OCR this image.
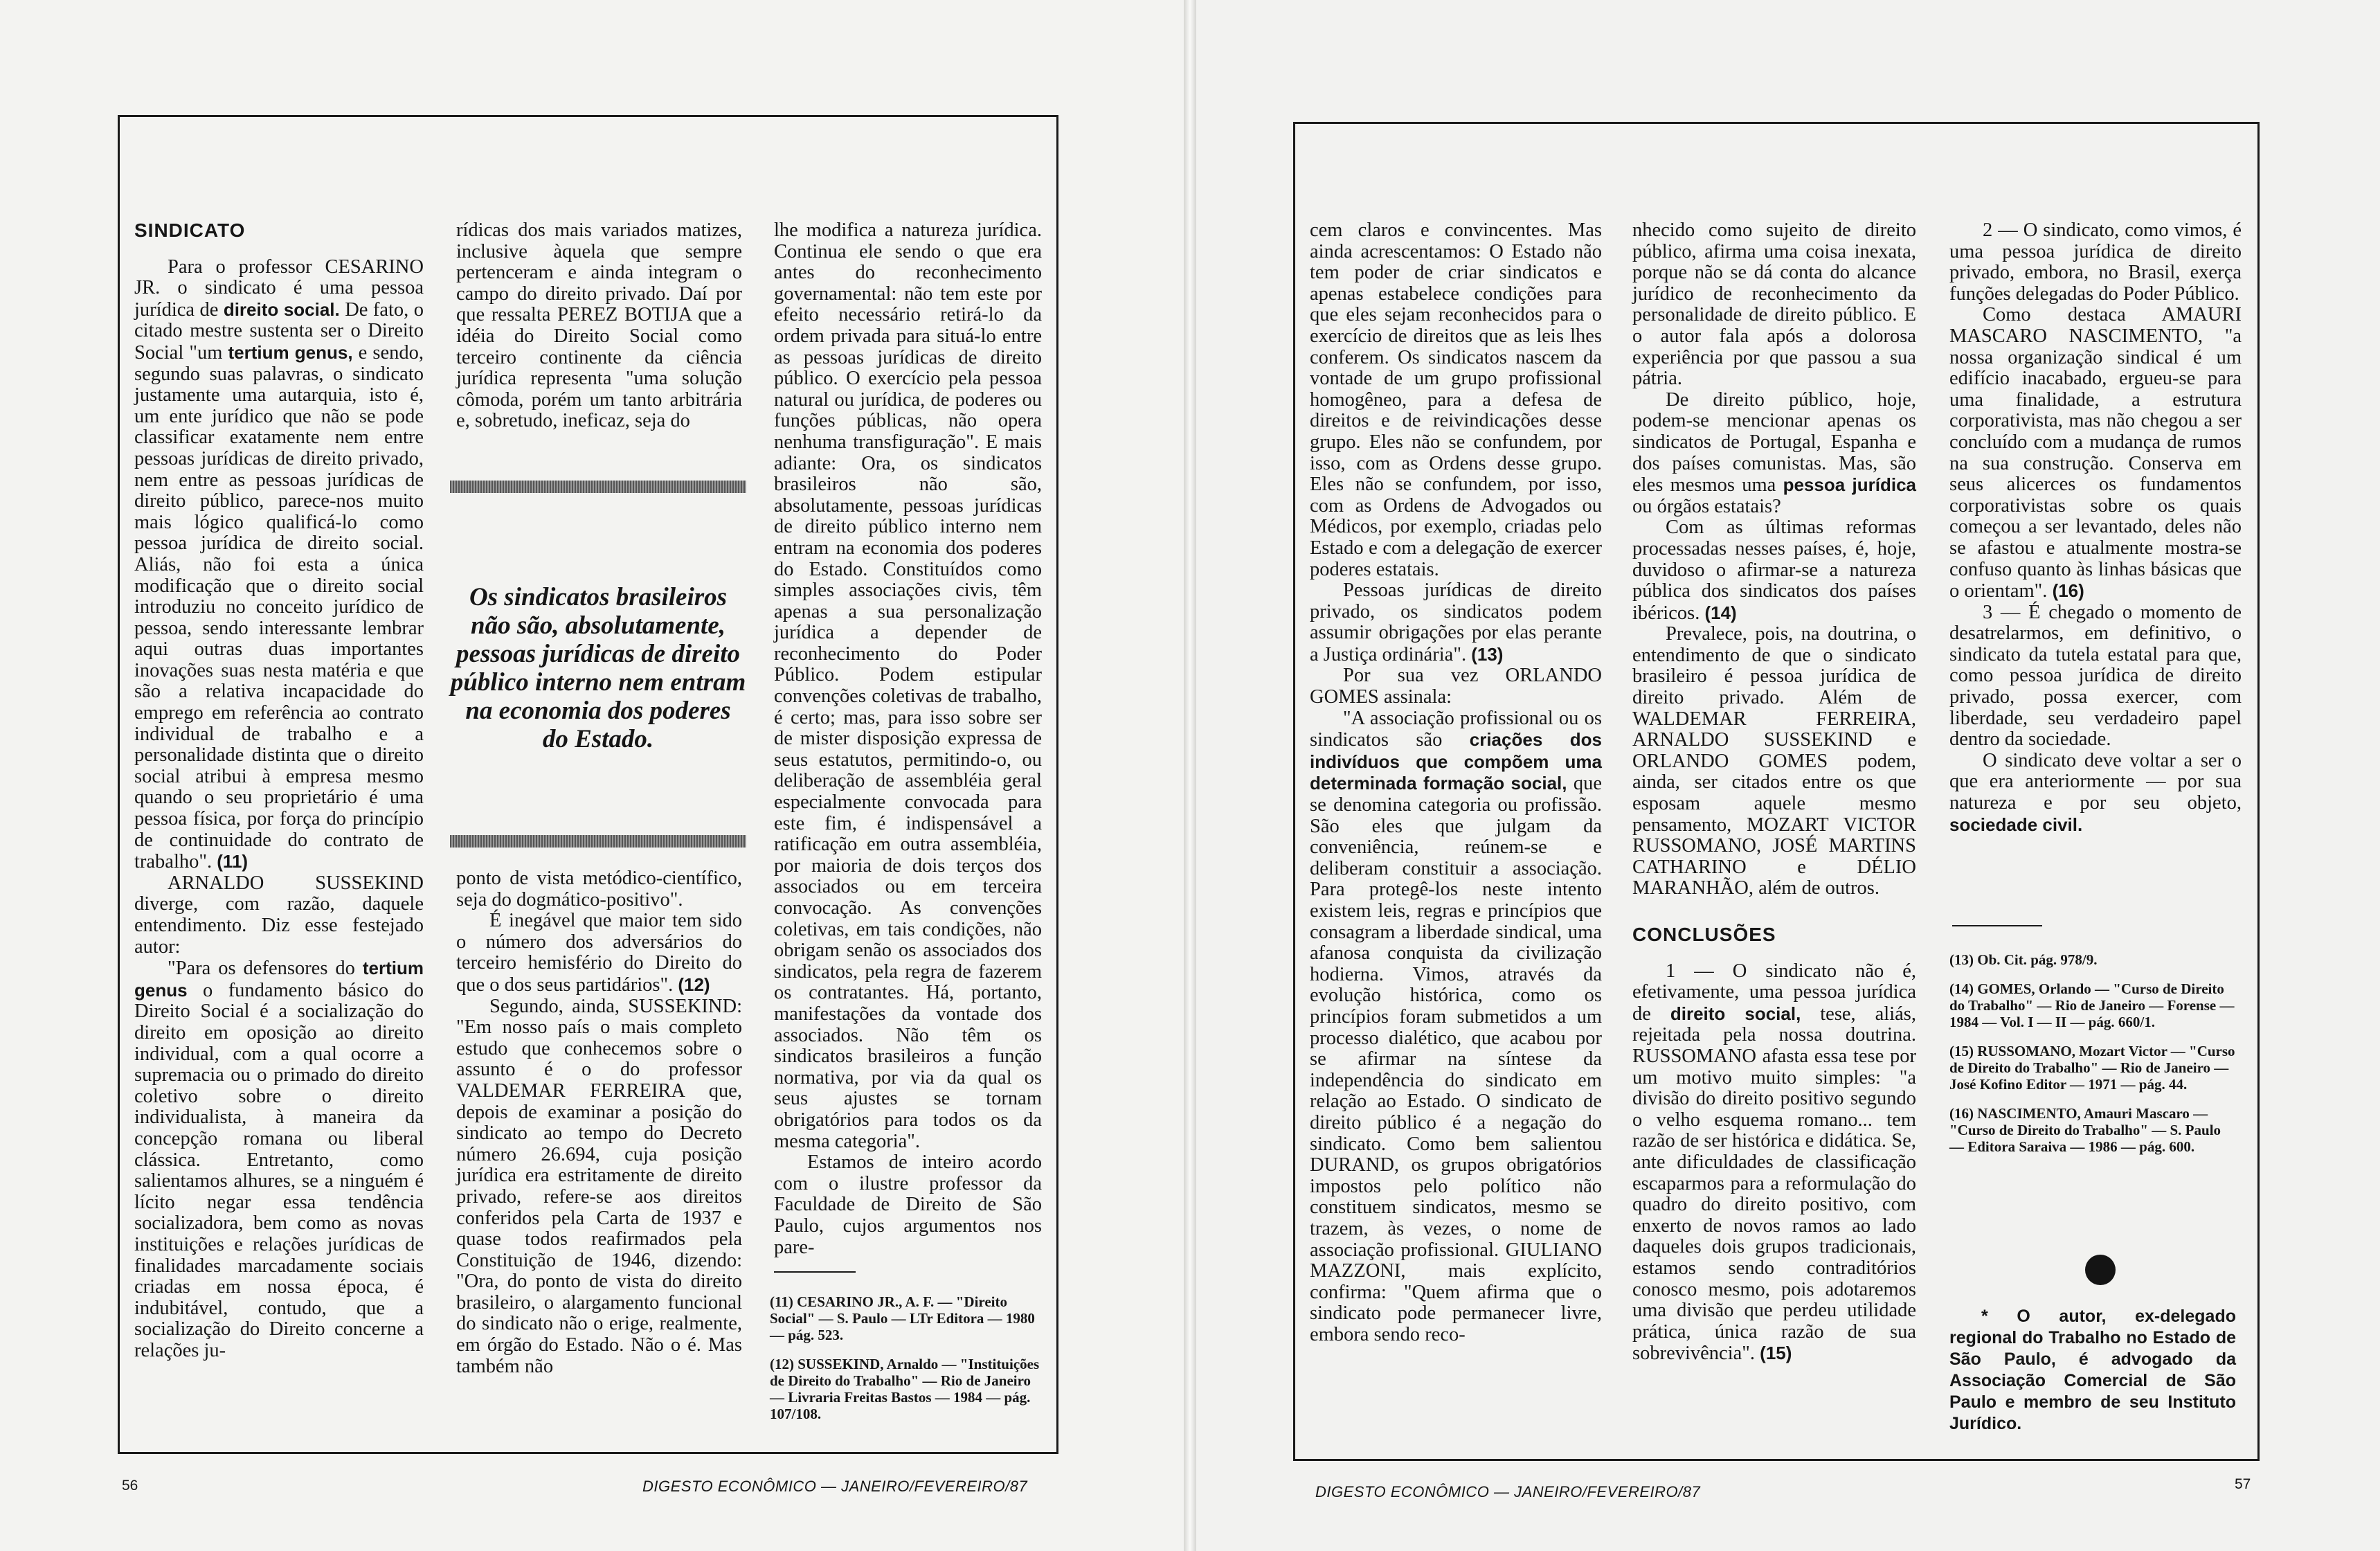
SINDICATO

Para o professor CESARINO JR. o sindicato é uma pessoa jurídica de direito social. De fato, o citado mestre sustenta ser o Direito Social "um tertium genus, e sendo, segundo suas palavras, o sindicato justamente uma autarquia, isto é, um ente jurídico que não se pode classificar exatamente nem entre pessoas jurídicas de direito privado, nem entre as pessoas jurídicas de direito público, parece-nos muito mais lógico qualificá-lo como pessoa jurídica de direito social. Aliás, não foi esta a única modificação que o direito social introduziu no conceito jurídico de pessoa, sendo interessante lembrar aqui outras duas importantes inovações suas nesta matéria e que são a relativa incapacidade do emprego em referência ao contrato individual de trabalho e a personalidade distinta que o direito social atribui à empresa mesmo quando o seu proprietário é uma pessoa física, por força do princípio de continuidade do contrato de trabalho". (11)

ARNALDO SUSSEKIND diverge, com razão, daquele entendimento. Diz esse festejado autor:

"Para os defensores do tertium genus o fundamento básico do Direito Social é a socialização do direito em oposição ao direito individual, com a qual ocorre a supremacia ou o primado do direito coletivo sobre o direito individualista, à maneira da concepção romana ou liberal clássica. Entretanto, como salientamos alhures, se a ninguém é lícito negar essa tendência socializadora, bem como as novas instituições e relações jurídicas de finalidades marcadamente sociais criadas em nossa época, é indubitável, contudo, que a socialização do Direito concerne a relações ju-

rídicas dos mais variados matizes, inclusive àquela que sempre pertenceram e ainda integram o campo do direito privado. Daí por que ressalta PEREZ BOTIJA que a idéia do Direito Social como terceiro continente da ciência jurídica representa "uma solução cômoda, porém um tanto arbitrária e, sobretudo, ineficaz, seja do

Os sindicatos brasileiros não são, absolutamente, pessoas jurídicas de direito público interno nem entram na economia dos poderes do Estado.

ponto de vista metódico-científico, seja do dogmático-positivo".

É inegável que maior tem sido o número dos adversários do terceiro hemisfério do Direito do que o dos seus partidários". (12)

Segundo, ainda, SUSSEKIND: "Em nosso país o mais completo estudo que conhecemos sobre o assunto é o do professor VALDEMAR FERREIRA que, depois de examinar a posição do sindicato ao tempo do Decreto número 26.694, cuja posição jurídica era estritamente de direito privado, refere-se aos direitos conferidos pela Carta de 1937 e quase todos reafirmados pela Constituição de 1946, dizendo: "Ora, do ponto de vista do direito brasileiro, o alargamento funcional do sindicato não o erige, realmente, em órgão do Estado. Não o é. Mas também não

lhe modifica a natureza jurídica. Continua ele sendo o que era antes do reconhecimento governamental: não tem este por efeito necessário retirá-lo da ordem privada para situá-lo entre as pessoas jurídicas de direito público. O exercício pela pessoa natural ou jurídica, de poderes ou funções públicas, não opera nenhuma transfiguração". E mais adiante: Ora, os sindicatos brasileiros não são, absolutamente, pessoas jurídicas de direito público interno nem entram na economia dos poderes do Estado. Constituídos como simples associações civis, têm apenas a sua personalização jurídica a depender de reconhecimento do Poder Público. Podem estipular convenções coletivas de trabalho, é certo; mas, para isso sobre ser de mister disposição expressa de seus estatutos, permitindo-o, ou deliberação de assembléia geral especialmente convocada para este fim, é indispensável a ratificação em outra assembléia, por maioria de dois terços dos associados ou em terceira convocação. As convenções coletivas, em tais condições, não obrigam senão os associados dos sindicatos, pela regra de fazerem os contratantes. Há, portanto, manifestações da vontade dos associados. Não têm os sindicatos brasileiros a função normativa, por via da qual os seus ajustes se tornam obrigatórios para todos os da mesma categoria".

Estamos de inteiro acordo com o ilustre professor da Faculdade de Direito de São Paulo, cujos argumentos nos pare-

(11) CESARINO JR., A. F. — "Direito Social" — S. Paulo — LTr Editora — 1980 — pág. 523.

(12) SUSSEKIND, Arnaldo — "Instituições de Direito do Trabalho" — Rio de Janeiro — Livraria Freitas Bastos — 1984 — pág. 107/108.

56	DIGESTO ECONÔMICO — JANEIRO/FEVEREIRO/87

cem claros e convincentes. Mas ainda acrescentamos: O Estado não tem poder de criar sindicatos e apenas estabelece condições para que eles sejam reconhecidos para o exercício de direitos que as leis lhes conferem. Os sindicatos nascem da vontade de um grupo profissional homogêneo, para a defesa de direitos e de reivindicações desse grupo. Eles não se confundem, por isso, com as Ordens desse grupo. Eles não se confundem, por isso, com as Ordens de Advogados ou Médicos, por exemplo, criadas pelo Estado e com a delegação de exercer poderes estatais.

Pessoas jurídicas de direito privado, os sindicatos podem assumir obrigações por elas perante a Justiça ordinária". (13)

Por sua vez ORLANDO GOMES assinala:

"A associação profissional ou os sindicatos são criações dos indivíduos que compõem uma determinada formação social, que se denomina categoria ou profissão. São eles que julgam da conveniência, reúnem-se e deliberam constituir a associação. Para protegê-los neste intento existem leis, regras e princípios que consagram a liberdade sindical, uma afanosa conquista da civilização hodierna. Vimos, através da evolução histórica, como os princípios foram submetidos a um processo dialético, que acabou por se afirmar na síntese da independência do sindicato em relação ao Estado. O sindicato de direito público é a negação do sindicato. Como bem salientou DURAND, os grupos obrigatórios impostos pelo político não constituem sindicatos, mesmo se trazem, às vezes, o nome de associação profissional. GIULIANO MAZZONI, mais explícito, confirma: "Quem afirma que o sindicato pode permanecer livre, embora sendo reco-

nhecido como sujeito de direito público, afirma uma coisa inexata, porque não se dá conta do alcance jurídico de reconhecimento da personalidade de direito público. E o autor fala após a dolorosa experiência por que passou a sua pátria.

De direito público, hoje, podem-se mencionar apenas os sindicatos de Portugal, Espanha e dos países comunistas. Mas, são eles mesmos uma pessoa jurídica ou órgãos estatais?

Com as últimas reformas processadas nesses países, é, hoje, duvidoso o afirmar-se a natureza pública dos sindicatos dos países ibéricos. (14)

Prevalece, pois, na doutrina, o entendimento de que o sindicato brasileiro é pessoa jurídica de direito privado. Além de WALDEMAR FERREIRA, ARNALDO SUSSEKIND e ORLANDO GOMES podem, ainda, ser citados entre os que esposam aquele mesmo pensamento, MOZART VICTOR RUSSOMANO, JOSÉ MARTINS CATHARINO e DÉLIO MARANHÃO, além de outros.

CONCLUSÕES

1 — O sindicato não é, efetivamente, uma pessoa jurídica de direito social, tese, aliás, rejeitada pela nossa doutrina. RUSSOMANO afasta essa tese por um motivo muito simples: "a divisão do direito positivo segundo o velho esquema romano... tem razão de ser histórica e didática. Se, ante dificuldades de classificação escaparmos para a reformulação do quadro do direito positivo, com enxerto de novos ramos ao lado daqueles dois grupos tradicionais, estamos sendo contraditórios conosco mesmo, pois adotaremos uma divisão que perdeu utilidade prática, única razão de sua sobrevivência". (15)

2 — O sindicato, como vimos, é uma pessoa jurídica de direito privado, embora, no Brasil, exerça funções delegadas do Poder Público.

Como destaca AMAURI MASCARO NASCIMENTO, "a nossa organização sindical é um edifício inacabado, ergueu-se para uma finalidade, a estrutura corporativista, mas não chegou a ser concluído com a mudança de rumos na sua construção. Conserva em seus alicerces os fundamentos corporativistas sobre os quais começou a ser levantado, deles não se afastou e atualmente mostra-se confuso quanto às linhas básicas que o orientam". (16)

3 — É chegado o momento de desatrelarmos, em definitivo, o sindicato da tutela estatal para que, como pessoa jurídica de direito privado, possa exercer, com liberdade, seu verdadeiro papel dentro da sociedade.

O sindicato deve voltar a ser o que era anteriormente — por sua natureza e por seu objeto, sociedade civil.

(13) Ob. Cit. pág. 978/9.

(14) GOMES, Orlando — "Curso de Direito do Trabalho" — Rio de Janeiro — Forense — 1984 — Vol. I — II — pág. 660/1.

(15) RUSSOMANO, Mozart Victor — "Curso de Direito do Trabalho" — Rio de Janeiro — José Kofino Editor — 1971 — pág. 44.

(16) NASCIMENTO, Amauri Mascaro — "Curso de Direito do Trabalho" — S. Paulo — Editora Saraiva — 1986 — pág. 600.

* O autor, ex-delegado regional do Trabalho no Estado de São Paulo, é advogado da Associação Comercial de São Paulo e membro de seu Instituto Jurídico.

DIGESTO ECONÔMICO — JANEIRO/FEVEREIRO/87	57
